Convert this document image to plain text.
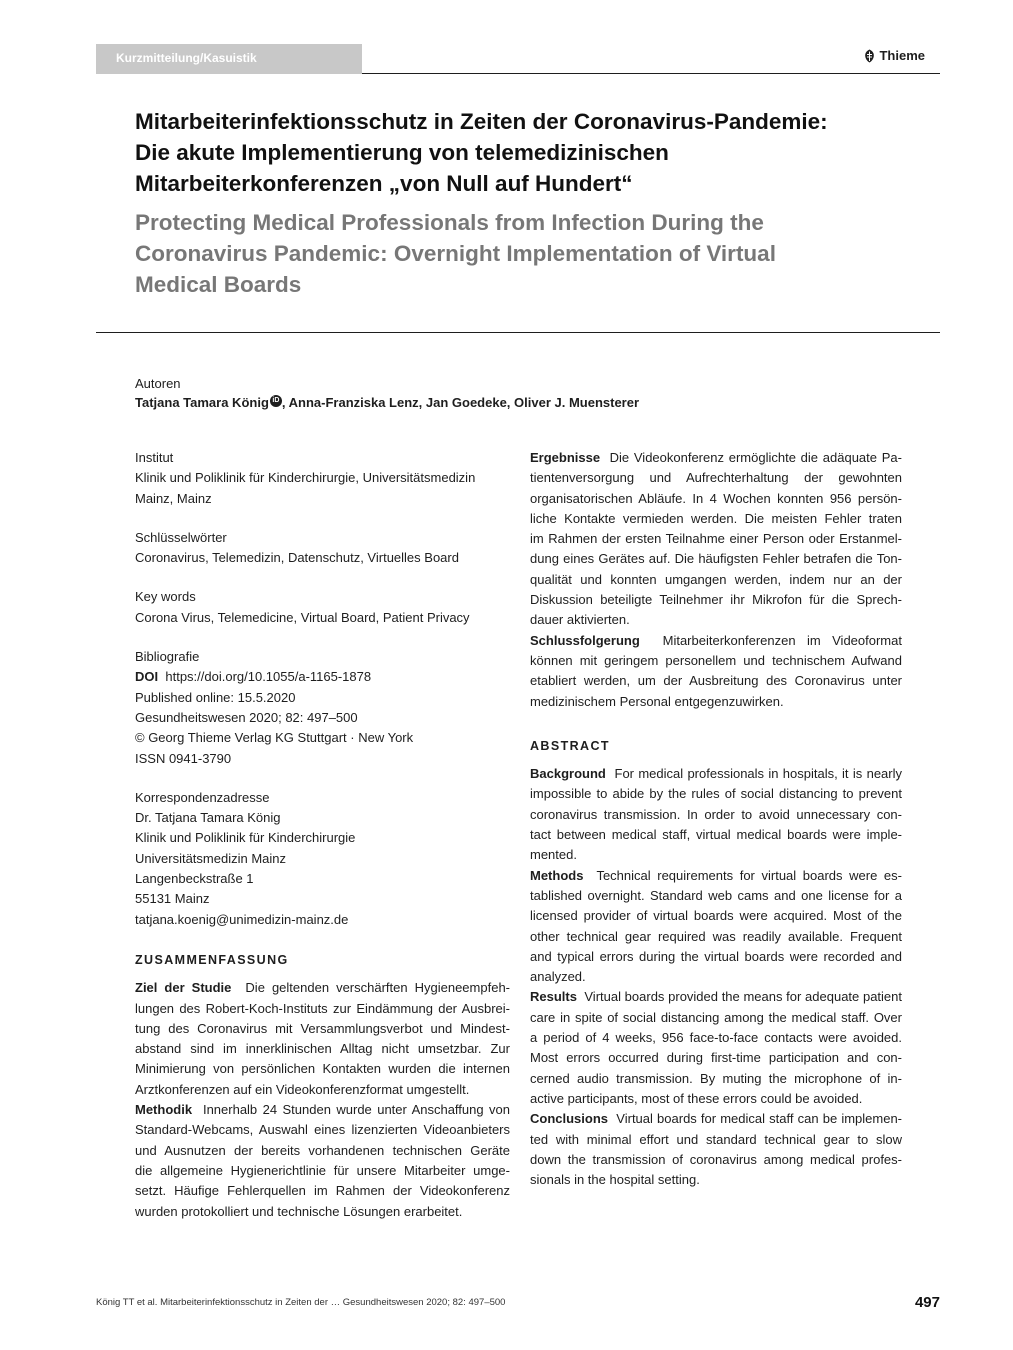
Kurzmitteilung/Kasuistik	Thieme
Mitarbeiterinfektionsschutz in Zeiten der Coronavirus-Pandemie:
Die akute Implementierung von telemedizinischen
Mitarbeiterkonferenzen „von Null auf Hundert“
Protecting Medical Professionals from Infection During the
Coronavirus Pandemic: Overnight Implementation of Virtual
Medical Boards
Autoren
Tatjana Tamara König iD , Anna-Franziska Lenz, Jan Goedeke, Oliver J. Muensterer
Institut
Klinik und Poliklinik für Kinderchirurgie, Universitätsmedizin
Mainz, Mainz
Schlüsselwörter
Coronavirus, Telemedizin, Datenschutz, Virtuelles Board
Key words
Corona Virus, Telemedicine, Virtual Board, Patient Privacy
Bibliografie
DOI https://doi.org/10.1055/a-1165-1878
Published online: 15.5.2020
Gesundheitswesen 2020; 82: 497–500
© Georg Thieme Verlag KG Stuttgart · New York
ISSN 0941-3790
Korrespondenzadresse
Dr. Tatjana Tamara König
Klinik und Poliklinik für Kinderchirurgie
Universitätsmedizin Mainz
Langenbeckstraße 1
55131 Mainz
tatjana.koenig@unimedizin-mainz.de
ZUSAMMENFASSUNG
Ziel der Studie Die geltenden verschärften Hygieneempfeh-
lungen des Robert-Koch-Instituts zur Eindämmung der Ausbrei-
tung des Coronavirus mit Versammlungsverbot und Mindest-
abstand sind im innerklinischen Alltag nicht umsetzbar. Zur
Minimierung von persönlichen Kontakten wurden die internen
Arztkonferenzen auf ein Videokonferenzformat umgestellt.
Methodik Innerhalb 24 Stunden wurde unter Anschaffung von
Standard-Webcams, Auswahl eines lizenzierten Videoanbieters
und Ausnutzen der bereits vorhandenen technischen Geräte
die allgemeine Hygienerichtlinie für unsere Mitarbeiter umge-
setzt. Häufige Fehlerquellen im Rahmen der Videokonferenz
wurden protokolliert und technische Lösungen erarbeitet.
Ergebnisse Die Videokonferenz ermöglichte die adäquate Pa-
tientenversorgung und Aufrechterhaltung der gewohnten
organisatorischen Abläufe. In 4 Wochen konnten 956 persön-
liche Kontakte vermieden werden. Die meisten Fehler traten
im Rahmen der ersten Teilnahme einer Person oder Erstanmel-
dung eines Gerätes auf. Die häufigsten Fehler betrafen die Ton-
qualität und konnten umgangen werden, indem nur an der
Diskussion beteiligte Teilnehmer ihr Mikrofon für die Sprech-
dauer aktivierten.
Schlussfolgerung Mitarbeiterkonferenzen im Videoformat
können mit geringem personellem und technischem Aufwand
etabliert werden, um der Ausbreitung des Coronavirus unter
medizinischem Personal entgegenzuwirken.
ABSTRACT
Background For medical professionals in hospitals, it is nearly
impossible to abide by the rules of social distancing to prevent
coronavirus transmission. In order to avoid unnecessary con-
tact between medical staff, virtual medical boards were imple-
mented.
Methods Technical requirements for virtual boards were es-
tablished overnight. Standard web cams and one license for a
licensed provider of virtual boards were acquired. Most of the
other technical gear required was readily available. Frequent
and typical errors during the virtual boards were recorded and
analyzed.
Results Virtual boards provided the means for adequate patient
care in spite of social distancing among the medical staff. Over
a period of 4 weeks, 956 face-to-face contacts were avoided.
Most errors occurred during first-time participation and con-
cerned audio transmission. By muting the microphone of in-
active participants, most of these errors could be avoided.
Conclusions Virtual boards for medical staff can be implemen-
ted with minimal effort und standard technical gear to slow
down the transmission of coronavirus among medical profes-
sionals in the hospital setting.
König TT et al. Mitarbeiterinfektionsschutz in Zeiten der … Gesundheitswesen 2020; 82: 497–500	497
